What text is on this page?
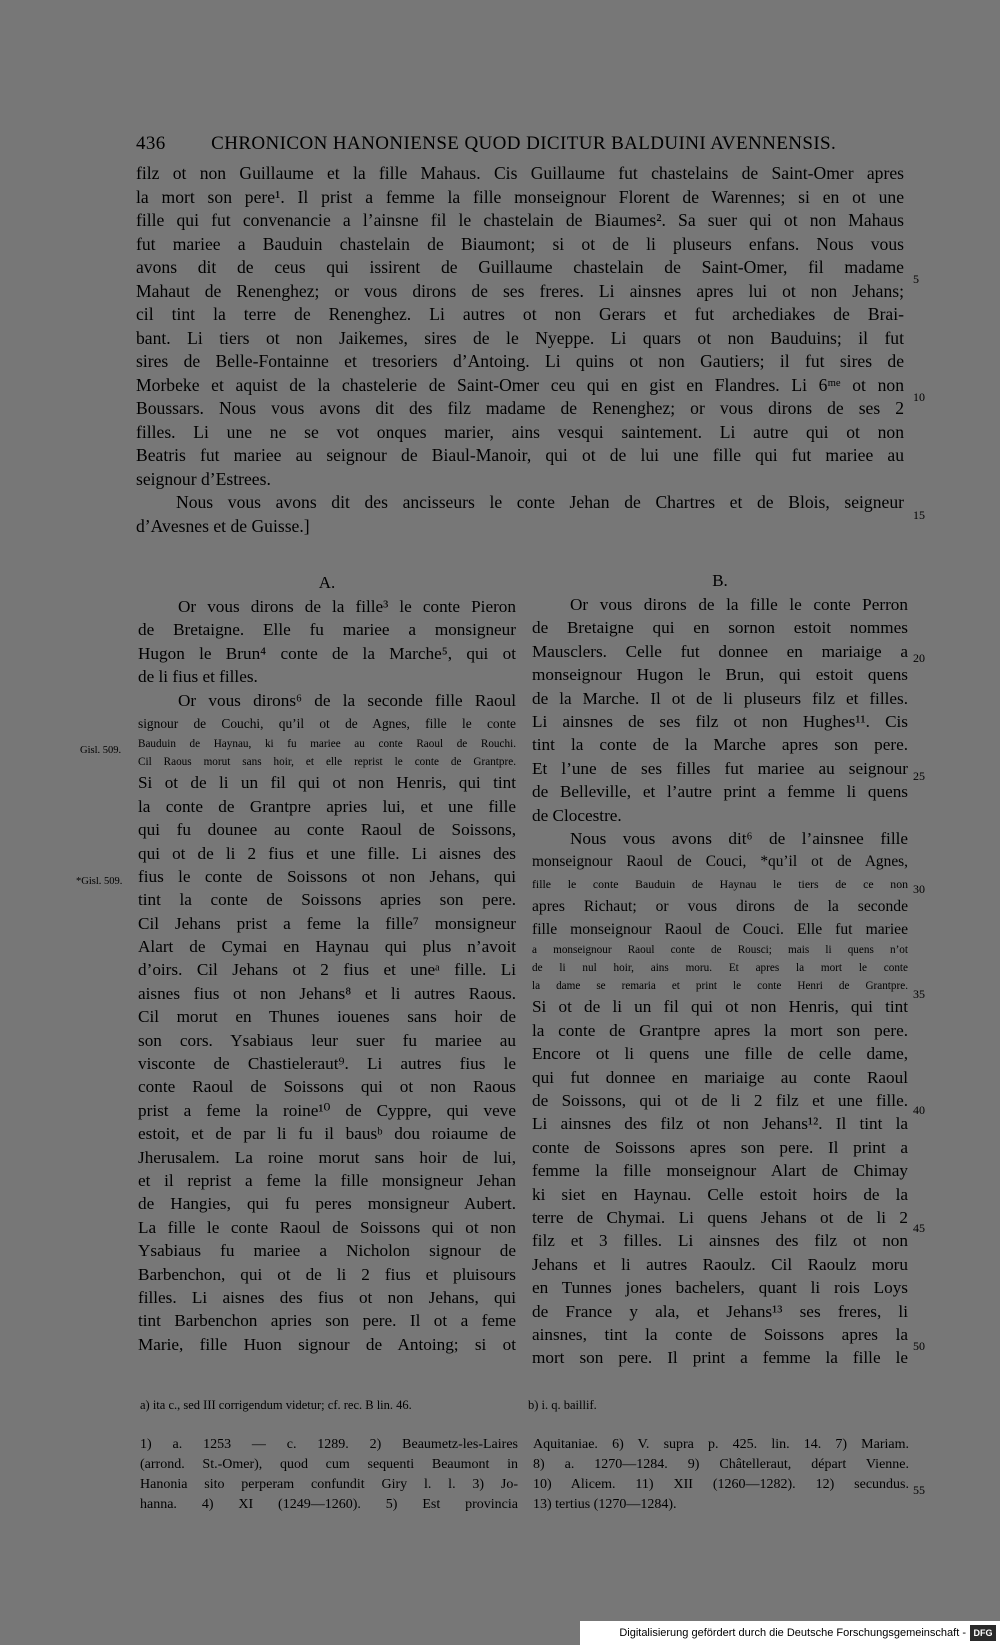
436 CHRONICON HANONIENSE QUOD DICITUR BALDUINI AVENNENSIS.
filz ot non Guillaume et la fille Mahaus. Cis Guillaume fut chastelains de Saint-Omer apres
la mort son pere¹. Il prist a femme la fille monseignour Florent de Warennes; si en ot une
fille qui fut convenancie a l’ainsne fil le chastelain de Biaumes². Sa suer qui ot non Mahaus
fut mariee a Bauduin chastelain de Biaumont; si ot de li pluseurs enfans. Nous vous
avons dit de ceus qui issirent de Guillaume chastelain de Saint-Omer, fil madame
Mahaut de Renenghez; or vous dirons de ses freres. Li ainsnes apres lui ot non Jehans;
cil tint la terre de Renenghez. Li autres ot non Gerars et fut archediakes de Brai-
bant. Li tiers ot non Jaikemes, sires de le Nyeppe. Li quars ot non Bauduins; il fut
sires de Belle-Fontainne et tresoriers d’Antoing. Li quins ot non Gautiers; il fut sires de
Morbeke et aquist de la chastelerie de Saint-Omer ceu qui en gist en Flandres. Li 6ᵐᵉ ot non
Boussars. Nous vous avons dit des filz madame de Renenghez; or vous dirons de ses 2
filles. Li une ne se vot onques marier, ains vesqui saintement. Li autre qui ot non
Beatris fut mariee au seignour de Biaul-Manoir, qui ot de lui une fille qui fut mariee au
seignour d’Estrees.
Nous vous avons dit des ancisseurs le conte Jehan de Chartres et de Blois, seigneur
d’Avesnes et de Guisse.]
5
10
15
20
25
30
35
40
45
50
55
A.
Or vous dirons de la fille³ le conte Pieron
de Bretaigne. Elle fu mariee a monsigneur
Hugon le Brun⁴ conte de la Marche⁵, qui ot
de li fius et filles.
Or vous dirons⁶ de la seconde fille Raoul
signour de Couchi, qu’il ot de Agnes, fille le conte
Bauduin de Haynau, ki fu mariee au conte Raoul de Rouchi.
Cil Raous morut sans hoir, et elle reprist le conte de Grantpre.
Si ot de li un fil qui ot non Henris, qui tint
la conte de Grantpre apries lui, et une fille
qui fu dounee au conte Raoul de Soissons,
qui ot de li 2 fius et une fille. Li aisnes des
fius le conte de Soissons ot non Jehans, qui
tint la conte de Soissons apries son pere.
Cil Jehans prist a feme la fille⁷ monsigneur
Alart de Cymai en Haynau qui plus n’avoit
d’oirs. Cil Jehans ot 2 fius et uneᵃ fille. Li
aisnes fius ot non Jehans⁸ et li autres Raous.
Cil morut en Thunes iouenes sans hoir de
son cors. Ysabiaus leur suer fu mariee au
visconte de Chastieleraut⁹. Li autres fius le
conte Raoul de Soissons qui ot non Raous
prist a feme la roine¹⁰ de Cyppre, qui veve
estoit, et de par li fu il bausᵇ dou roiaume de
Jherusalem. La roine morut sans hoir de lui,
et il reprist a feme la fille monsigneur Jehan
de Hangies, qui fu peres monsigneur Aubert.
La fille le conte Raoul de Soissons qui ot non
Ysabiaus fu mariee a Nicholon signour de
Barbenchon, qui ot de li 2 fius et pluisours
filles. Li aisnes des fius ot non Jehans, qui
tint Barbenchon apries son pere. Il ot a feme
Marie, fille Huon signour de Antoing; si ot
Gisl. 509.
*Gisl. 509.
B.
Or vous dirons de la fille le conte Perron
de Bretaigne qui en sornon estoit nommes
Mausclers. Celle fut donnee en mariaige a
monseignour Hugon le Brun, qui estoit quens
de la Marche. Il ot de li pluseurs filz et filles.
Li ainsnes de ses filz ot non Hughes¹¹. Cis
tint la conte de la Marche apres son pere.
Et l’une de ses filles fut mariee au seignour
de Belleville, et l’autre print a femme li quens
de Clocestre.
Nous vous avons dit⁶ de l’ainsnee fille
monseignour Raoul de Couci, *qu’il ot de Agnes,
fille le conte Bauduin de Haynau le tiers de ce non
apres Richaut; or vous dirons de la seconde
fille monseignour Raoul de Couci. Elle fut mariee
a monseignour Raoul conte de Rousci; mais li quens n’ot
de li nul hoir, ains moru. Et apres la mort le conte
la dame se remaria et print le conte Henri de Grantpre.
Si ot de li un fil qui ot non Henris, qui tint
la conte de Grantpre apres la mort son pere.
Encore ot li quens une fille de celle dame,
qui fut donnee en mariaige au conte Raoul
de Soissons, qui ot de li 2 filz et une fille.
Li ainsnes des filz ot non Jehans¹². Il tint la
conte de Soissons apres son pere. Il print a
femme la fille monseignour Alart de Chimay
ki siet en Haynau. Celle estoit hoirs de la
terre de Chymai. Li quens Jehans ot de li 2
filz et 3 filles. Li ainsnes des filz ot non
Jehans et li autres Raoulz. Cil Raoulz moru
en Tunnes jones bachelers, quant li rois Loys
de France y ala, et Jehans¹³ ses freres, li
ainsnes, tint la conte de Soissons apres la
mort son pere. Il print a femme la fille le
a) ita c., sed III corrigendum videtur; cf. rec. B lin. 46.	b) i. q. baillif.
1) a. 1253 — c. 1289. 2) Beaumetz-les-Laires
(arrond. St.-Omer), quod cum sequenti Beaumont in
Hanonia sito perperam confundit Giry l. l. 3) Jo-
hanna. 4) XI (1249—1260). 5) Est provincia
Aquitaniae. 6) V. supra p. 425. lin. 14. 7) Mariam.
8) a. 1270—1284. 9) Châtelleraut, départ Vienne.
10) Alicem. 11) XII (1260—1282). 12) secundus.
13) tertius (1270—1284).
Digitalisierung gefördert durch die Deutsche Forschungsgemeinschaft - DFG
